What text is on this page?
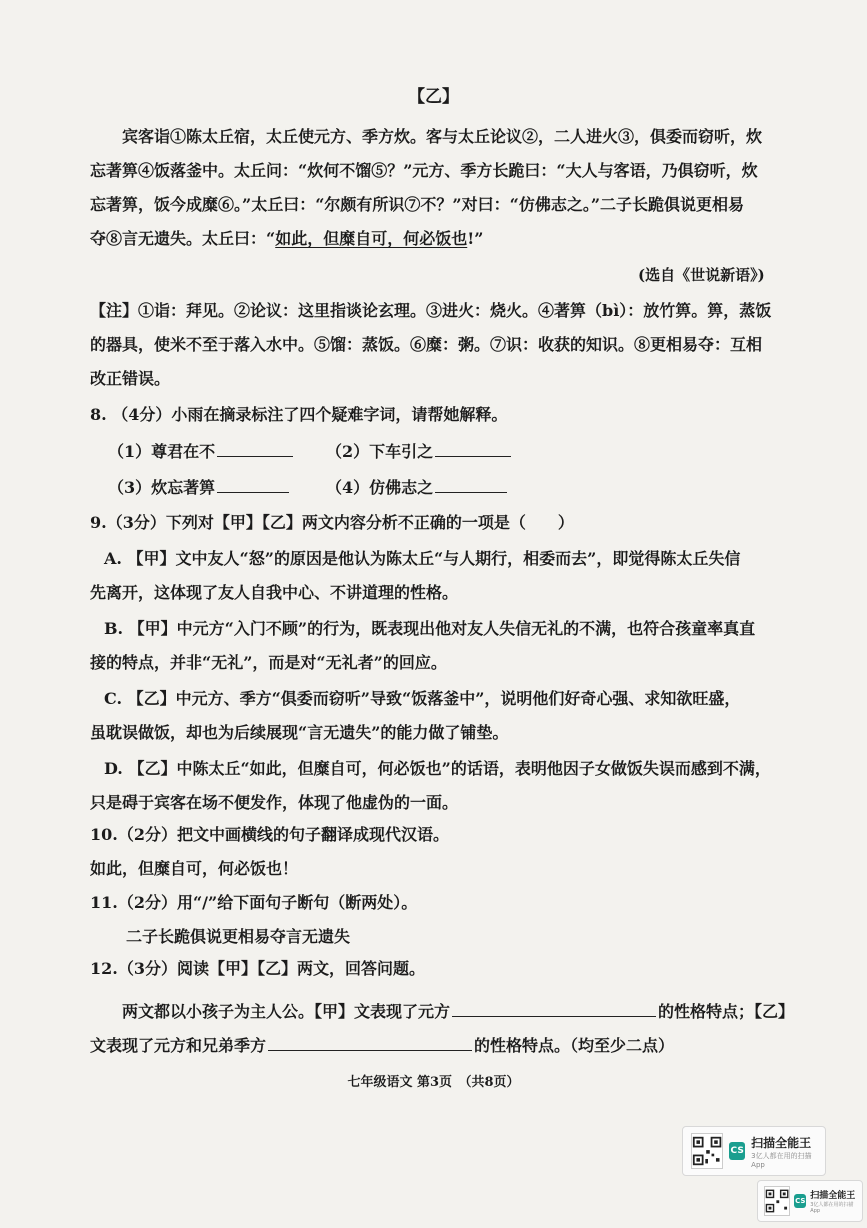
【乙】
宾客诣①陈太丘宿，太丘使元方、季方炊。客与太丘论议②，二人进火③，俱委而窃听，炊
忘著箅④饭落釜中。太丘问：“炊何不馏⑤？”元方、季方长跪曰：“大人与客语，乃俱窃听，炊
忘著箅，饭今成糜⑥。”太丘曰：“尔颇有所识⑦不？”对曰：“仿佛志之。”二子长跪俱说更相易
夺⑧言无遗失。太丘曰：“如此，但糜自可，何必饭也!”
(选自《世说新语》)
【注】①诣：拜见。②论议：这里指谈论玄理。③进火：烧火。④著箅（bì）：放竹箅。箅，蒸饭
的器具，使米不至于落入水中。⑤馏：蒸饭。⑥糜：粥。⑦识：收获的知识。⑧更相易夺：互相
改正错误。
8. （4分）小雨在摘录标注了四个疑难字词，请帮她解释。
（1）尊君在不	（2）下车引之
（3）炊忘著箅	（4）仿佛志之
9.（3分）下列对【甲】【乙】两文内容分析不正确的一项是（　　）
A. 【甲】文中友人“怒”的原因是他认为陈太丘“与人期行，相委而去”，即觉得陈太丘失信
先离开，这体现了友人自我中心、不讲道理的性格。
B. 【甲】中元方“入门不顾”的行为，既表现出他对友人失信无礼的不满，也符合孩童率真直
接的特点，并非“无礼”，而是对“无礼者”的回应。
C. 【乙】中元方、季方“俱委而窃听”导致“饭落釜中”，说明他们好奇心强、求知欲旺盛，
虽耽误做饭，却也为后续展现“言无遗失”的能力做了铺垫。
D. 【乙】中陈太丘“如此，但糜自可，何必饭也”的话语，表明他因子女做饭失误而感到不满，
只是碍于宾客在场不便发作，体现了他虚伪的一面。
10.（2分）把文中画横线的句子翻译成现代汉语。
如此，但糜自可，何必饭也！
11.（2分）用“/”给下面句子断句（断两处）。
二子长跪俱说更相易夺言无遗失
12.（3分）阅读【甲】【乙】两文，回答问题。
两文都以小孩子为主人公。【甲】文表现了元方	的性格特点；【乙】
文表现了元方和兄弟季方	的性格特点。（均至少二点）
七年级语文 第3页　（共8页）
CS
扫描全能王
3亿人都在用的扫描App
CS 扫描全能王
3亿人都在用的扫描App
